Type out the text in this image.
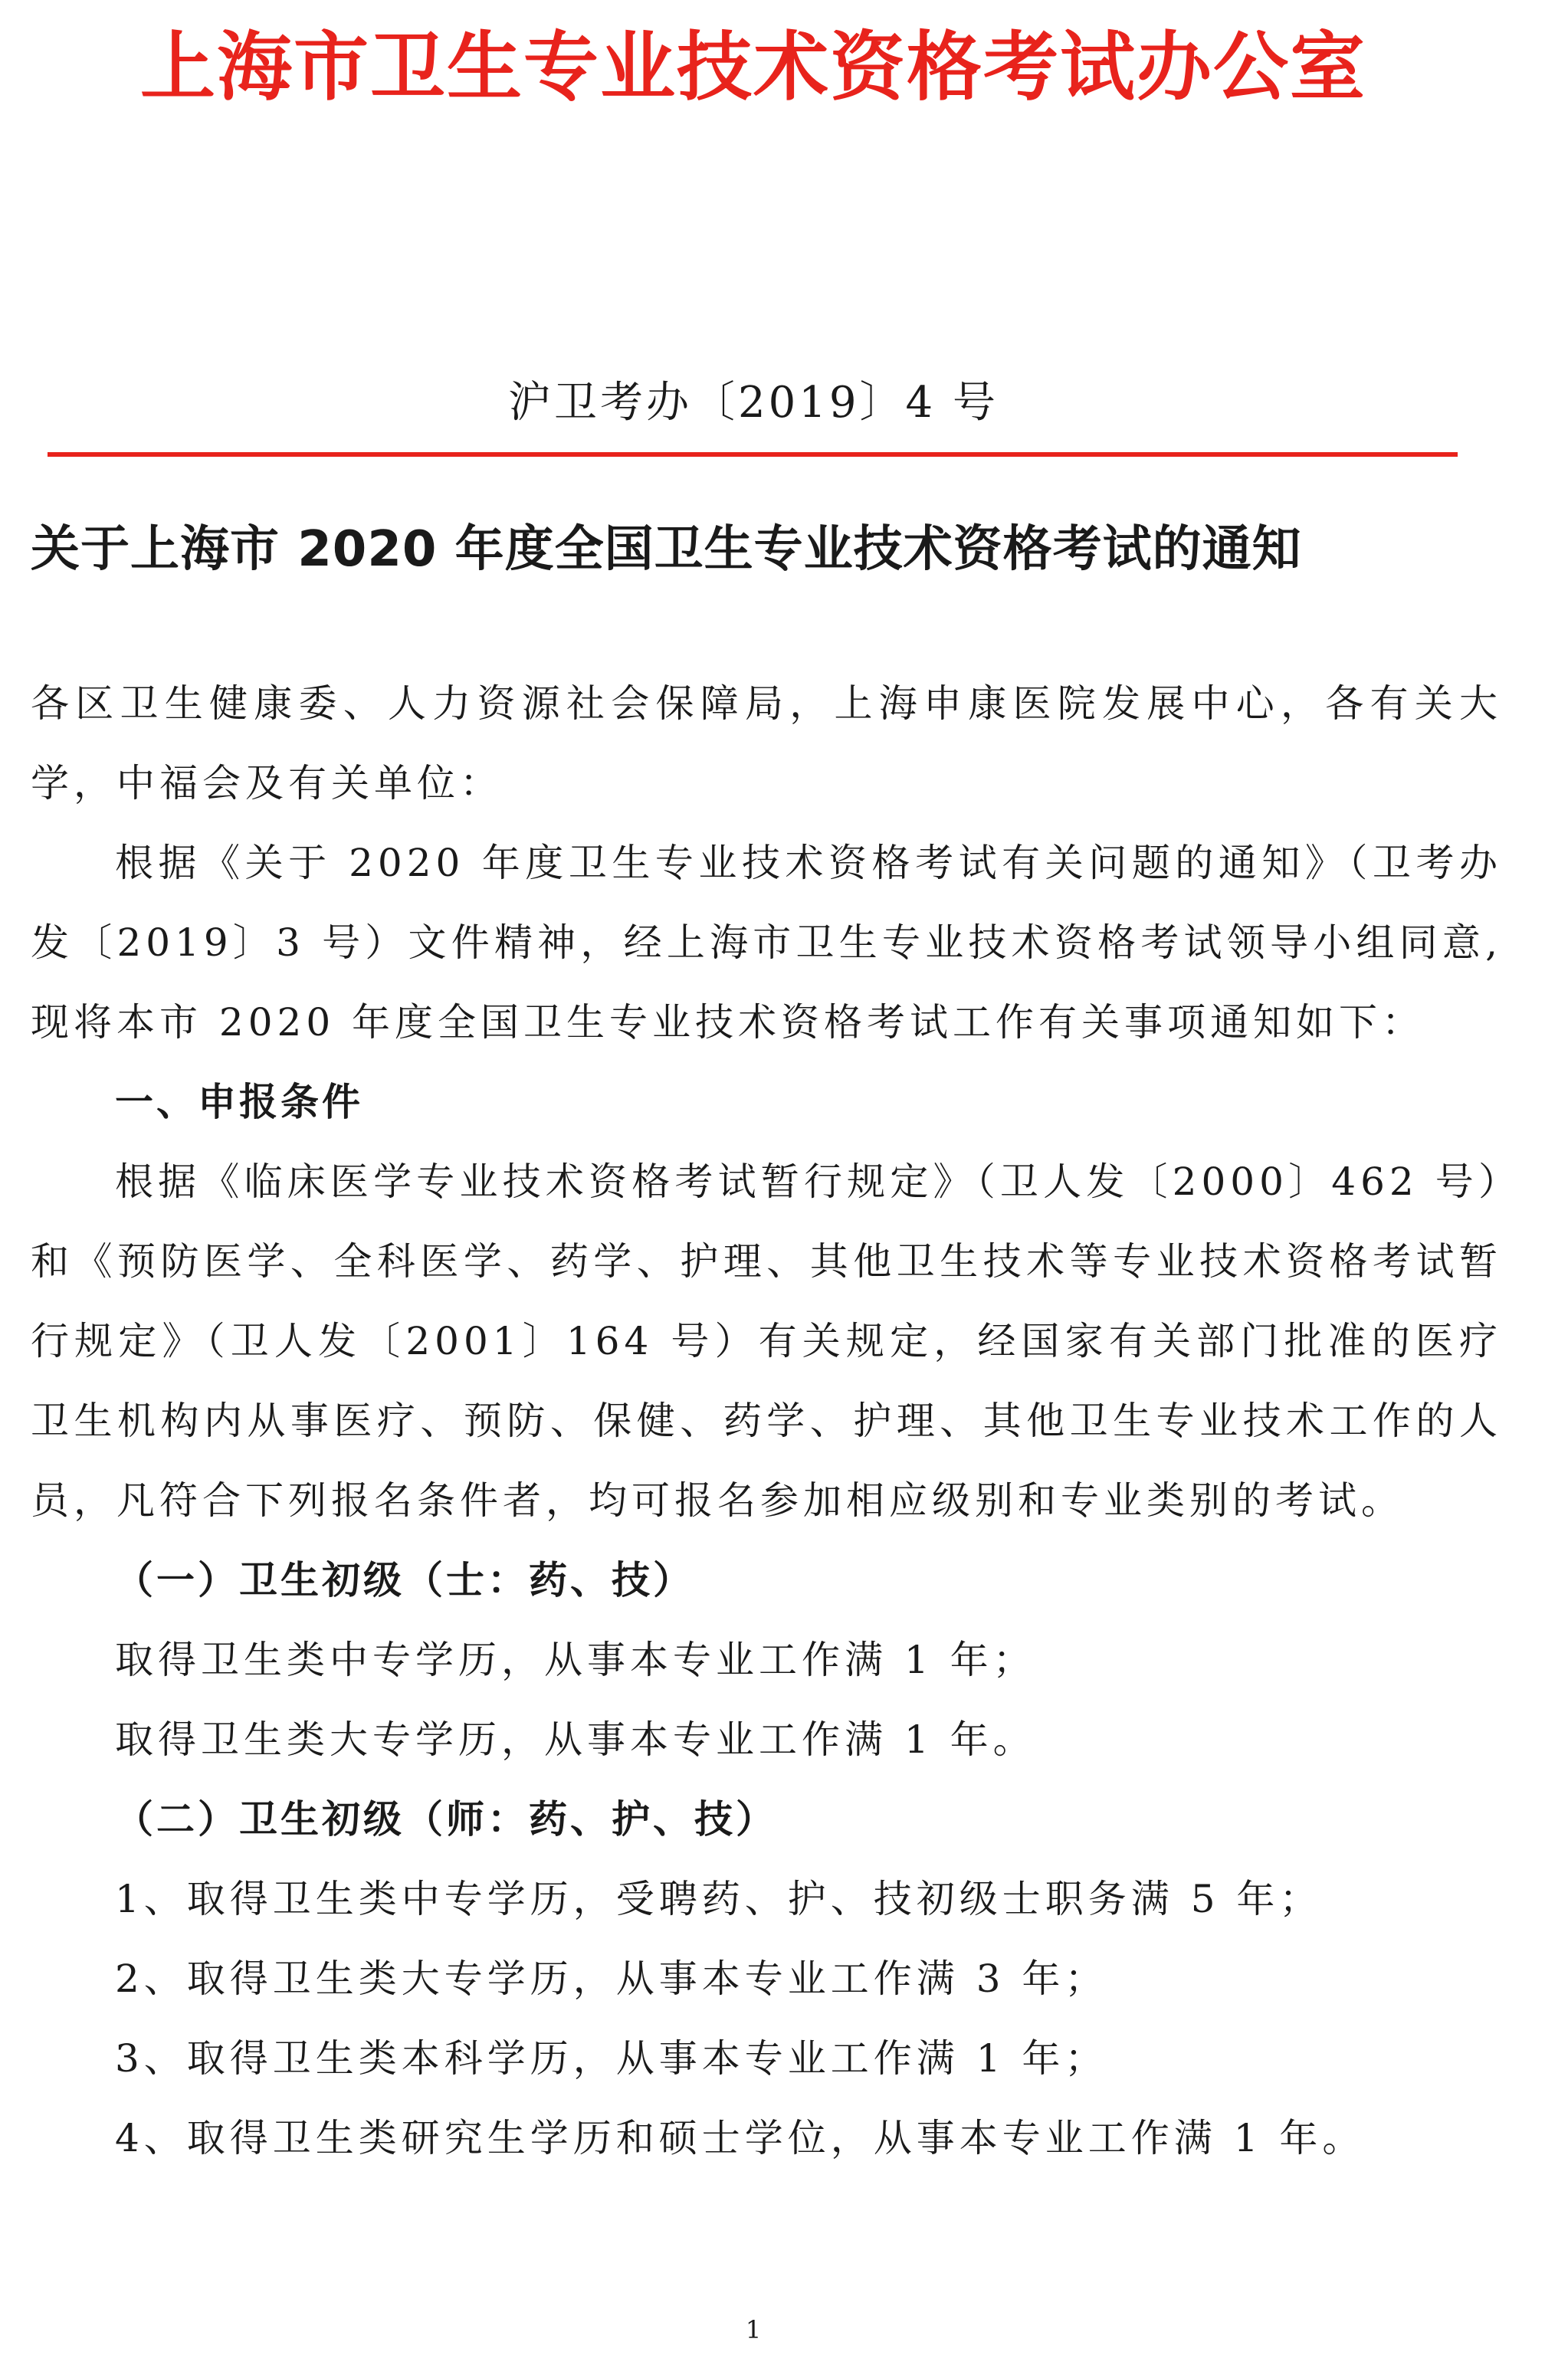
上海市卫生专业技术资格考试办公室
沪卫考办〔2019〕4 号
关于上海市 2020 年度全国卫生专业技术资格考试的通知

各区卫生健康委、人力资源社会保障局，上海申康医院发展中心，各有关大学，中福会及有关单位：

根据《关于 2020 年度卫生专业技术资格考试有关问题的通知》（卫考办发〔2019〕3 号）文件精神，经上海市卫生专业技术资格考试领导小组同意,现将本市 2020 年度全国卫生专业技术资格考试工作有关事项通知如下：

一、申报条件

根据《临床医学专业技术资格考试暂行规定》（卫人发〔2000〕462 号）和《预防医学、全科医学、药学、护理、其他卫生技术等专业技术资格考试暂行规定》（卫人发〔2001〕164 号）有关规定，经国家有关部门批准的医疗卫生机构内从事医疗、预防、保健、药学、护理、其他卫生专业技术工作的人员，凡符合下列报名条件者，均可报名参加相应级别和专业类别的考试。

（一）卫生初级（士：药、技）

取得卫生类中专学历，从事本专业工作满 1 年；

取得卫生类大专学历，从事本专业工作满 1 年。

（二）卫生初级（师：药、护、技）

1、取得卫生类中专学历，受聘药、护、技初级士职务满 5 年；

2、取得卫生类大专学历，从事本专业工作满 3 年；

3、取得卫生类本科学历，从事本专业工作满 1 年；

4、取得卫生类研究生学历和硕士学位，从事本专业工作满 1 年。

1
